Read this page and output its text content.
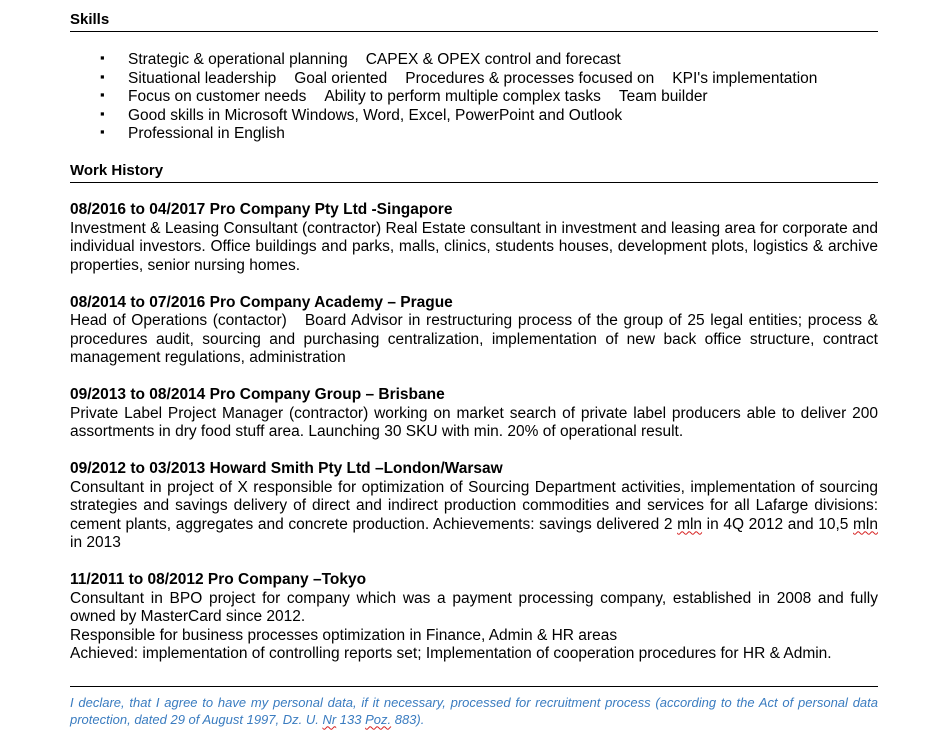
Skills
▪ Strategic & operational planning CAPEX & OPEX control and forecast
▪ Situational leadership Goal oriented Procedures & processes focused on KPI's implementation
▪ Focus on customer needs Ability to perform multiple complex tasks Team builder
▪ Good skills in Microsoft Windows, Word, Excel, PowerPoint and Outlook
▪ Professional in English
Work History
08/2016 to 04/2017 Pro Company Pty Ltd -Singapore
Investment & Leasing Consultant (contractor) Real Estate consultant in investment and leasing area for corporate and individual investors. Office buildings and parks, malls, clinics, students houses, development plots, logistics & archive properties, senior nursing homes.
08/2014 to 07/2016 Pro Company Academy – Prague
Head of Operations (contactor) Board Advisor in restructuring process of the group of 25 legal entities; process & procedures audit, sourcing and purchasing centralization, implementation of new back office structure, contract management regulations, administration
09/2013 to 08/2014 Pro Company Group – Brisbane
Private Label Project Manager (contractor) working on market search of private label producers able to deliver 200 assortments in dry food stuff area. Launching 30 SKU with min. 20% of operational result.
09/2012 to 03/2013 Howard Smith Pty Ltd –London/Warsaw
Consultant in project of X responsible for optimization of Sourcing Department activities, implementation of sourcing strategies and savings delivery of direct and indirect production commodities and services for all Lafarge divisions: cement plants, aggregates and concrete production. Achievements: savings delivered 2 mln in 4Q 2012 and 10,5 mln in 2013
11/2011 to 08/2012 Pro Company –Tokyo
Consultant in BPO project for company which was a payment processing company, established in 2008 and fully owned by MasterCard since 2012.
Responsible for business processes optimization in Finance, Admin & HR areas
Achieved: implementation of controlling reports set; Implementation of cooperation procedures for HR & Admin.
I declare, that I agree to have my personal data, if it necessary, processed for recruitment process (according to the Act of personal data protection, dated 29 of August 1997, Dz. U. Nr 133 Poz. 883).
